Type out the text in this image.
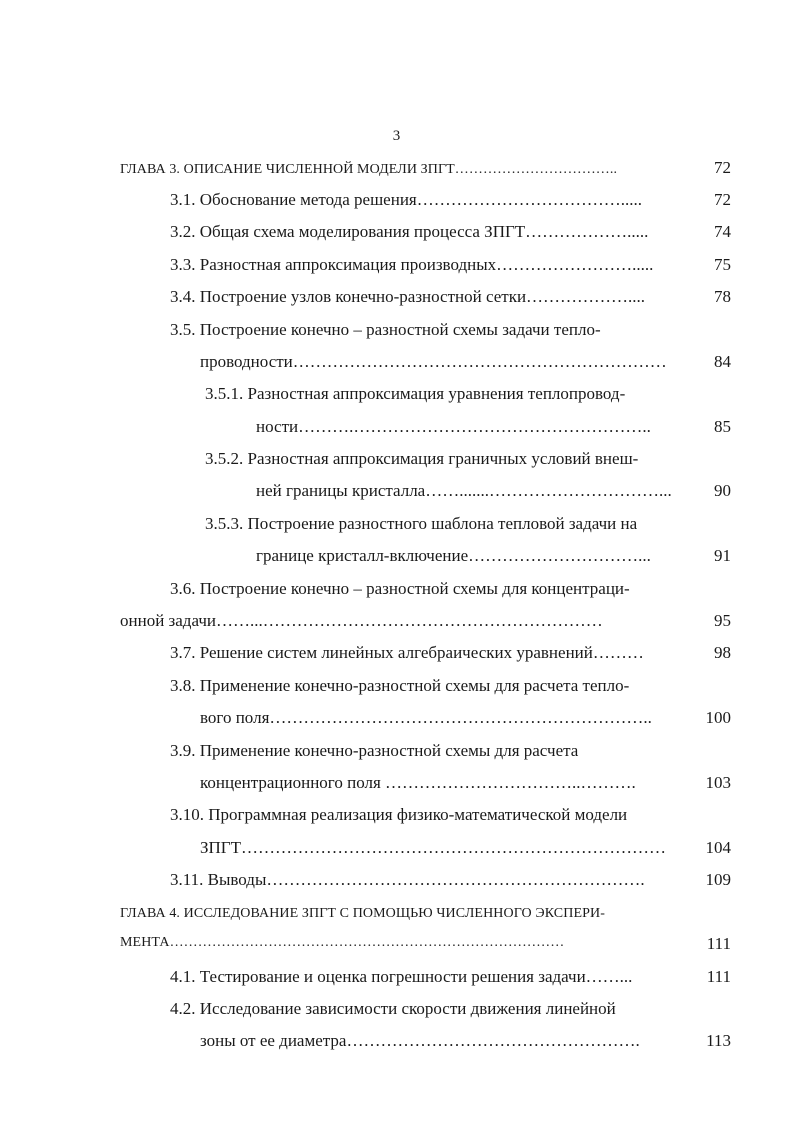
3
ГЛАВА 3. ОПИСАНИЕ ЧИСЛЕННОЙ МОДЕЛИ ЗПГТ……………………………..	72
3.1. Обоснование метода решения……………………………….....	72
3.2. Общая схема моделирования процесса ЗПГТ……………….....	74
3.3. Разностная аппроксимация производных…………………….....	75
3.4. Построение узлов конечно-разностной сетки………………....	78
3.5. Построение конечно – разностной схемы задачи тепло-
проводности…………………………………………………………	84
3.5.1. Разностная аппроксимация уравнения теплопровод-
ности……….……………………………………………..	85
3.5.2. Разностная аппроксимация граничных условий внеш-
ней границы кристалла…….......…………………………... 90
3.5.3. Построение разностного шаблона тепловой задачи на
границе кристалл-включение…………………………...	91
3.6. Построение конечно – разностной схемы для концентраци-
онной задачи……...……………………………………………………	95
3.7. Решение систем линейных алгебраических уравнений………	98
3.8. Применение конечно-разностной схемы для расчета тепло-
вого поля…………………………………………………………..	100
3.9. Применение конечно-разностной схемы для расчета
концентрационного поля ……………………………..……….	103
3.10. Программная реализация физико-математической модели
ЗПГТ………………………………………………………………… 104
3.11. Выводы………………………………………………………….	109
ГЛАВА 4. ИССЛЕДОВАНИЕ ЗПГТ С ПОМОЩЬЮ ЧИСЛЕННОГО ЭКСПЕРИ-
МЕНТА…………………………………………………………………………	111
4.1. Тестирование и оценка погрешности решения задачи……...	111
4.2. Исследование зависимости скорости движения линейной
зоны от ее диаметра…………………………………………….	113
